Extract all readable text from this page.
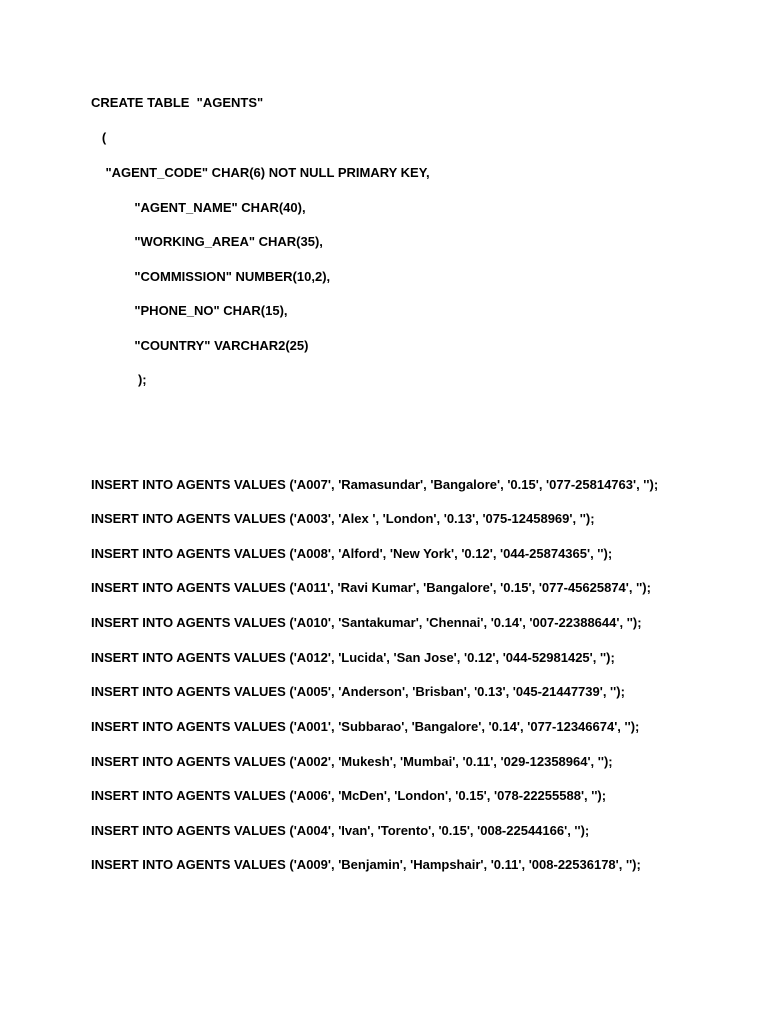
CREATE TABLE  "AGENTS"
(
"AGENT_CODE" CHAR(6) NOT NULL PRIMARY KEY,
"AGENT_NAME" CHAR(40),
"WORKING_AREA" CHAR(35),
"COMMISSION" NUMBER(10,2),
"PHONE_NO" CHAR(15),
"COUNTRY" VARCHAR2(25)
);
INSERT INTO AGENTS VALUES ('A007', 'Ramasundar', 'Bangalore', '0.15', '077-25814763', '');
INSERT INTO AGENTS VALUES ('A003', 'Alex ', 'London', '0.13', '075-12458969', '');
INSERT INTO AGENTS VALUES ('A008', 'Alford', 'New York', '0.12', '044-25874365', '');
INSERT INTO AGENTS VALUES ('A011', 'Ravi Kumar', 'Bangalore', '0.15', '077-45625874', '');
INSERT INTO AGENTS VALUES ('A010', 'Santakumar', 'Chennai', '0.14', '007-22388644', '');
INSERT INTO AGENTS VALUES ('A012', 'Lucida', 'San Jose', '0.12', '044-52981425', '');
INSERT INTO AGENTS VALUES ('A005', 'Anderson', 'Brisban', '0.13', '045-21447739', '');
INSERT INTO AGENTS VALUES ('A001', 'Subbarao', 'Bangalore', '0.14', '077-12346674', '');
INSERT INTO AGENTS VALUES ('A002', 'Mukesh', 'Mumbai', '0.11', '029-12358964', '');
INSERT INTO AGENTS VALUES ('A006', 'McDen', 'London', '0.15', '078-22255588', '');
INSERT INTO AGENTS VALUES ('A004', 'Ivan', 'Torento', '0.15', '008-22544166', '');
INSERT INTO AGENTS VALUES ('A009', 'Benjamin', 'Hampshair', '0.11', '008-22536178', '');
